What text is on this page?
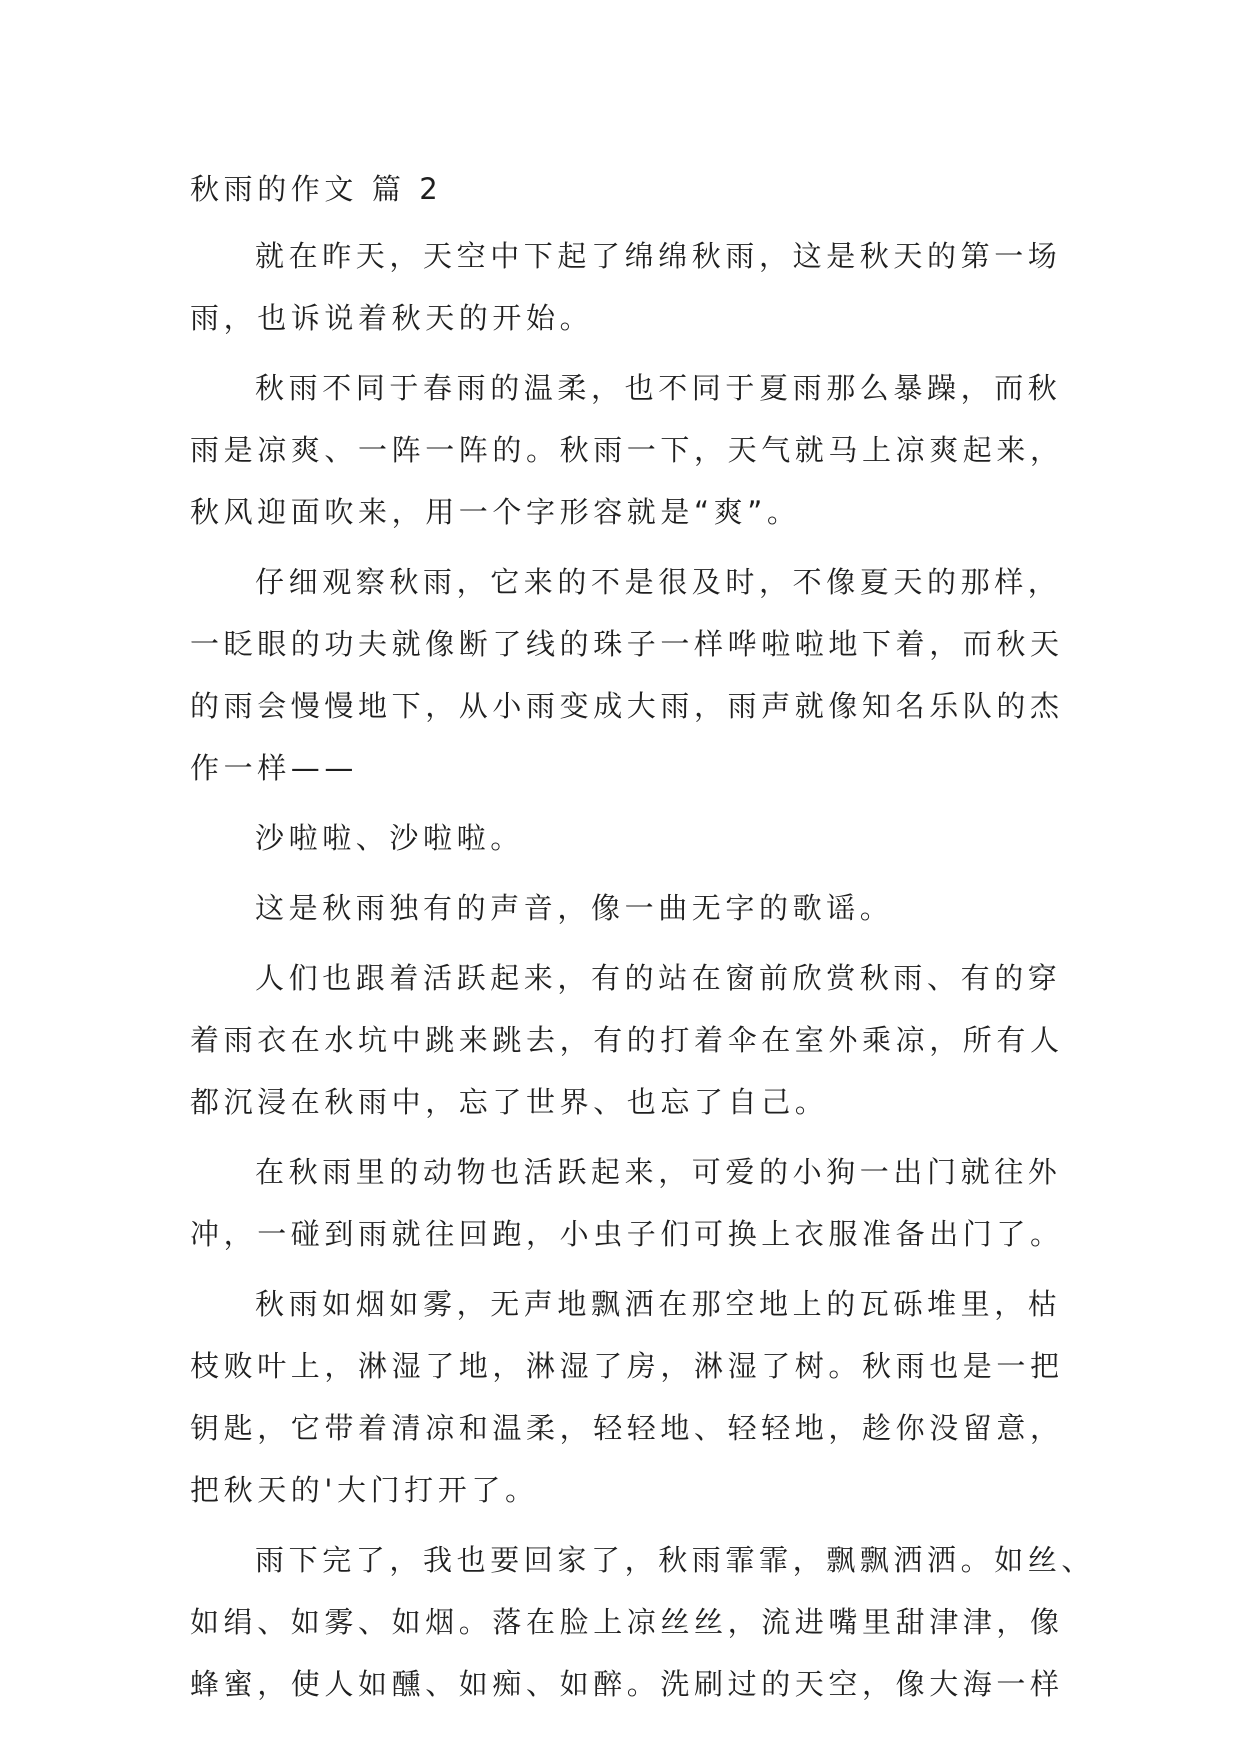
秋雨的作文 篇 2
就在昨天，天空中下起了绵绵秋雨，这是秋天的第一场
雨，也诉说着秋天的开始。
秋雨不同于春雨的温柔，也不同于夏雨那么暴躁，而秋
雨是凉爽、一阵一阵的。秋雨一下，天气就马上凉爽起来，
秋风迎面吹来，用一个字形容就是“爽”。
仔细观察秋雨，它来的不是很及时，不像夏天的那样，
一眨眼的功夫就像断了线的珠子一样哗啦啦地下着，而秋天
的雨会慢慢地下，从小雨变成大雨，雨声就像知名乐队的杰
作一样——
沙啦啦、沙啦啦。
这是秋雨独有的声音，像一曲无字的歌谣。
人们也跟着活跃起来，有的站在窗前欣赏秋雨、有的穿
着雨衣在水坑中跳来跳去，有的打着伞在室外乘凉，所有人
都沉浸在秋雨中，忘了世界、也忘了自己。
在秋雨里的动物也活跃起来，可爱的小狗一出门就往外
冲，一碰到雨就往回跑，小虫子们可换上衣服准备出门了。
秋雨如烟如雾，无声地飘洒在那空地上的瓦砾堆里，枯
枝败叶上，淋湿了地，淋湿了房，淋湿了树。秋雨也是一把
钥匙，它带着清凉和温柔，轻轻地、轻轻地，趁你没留意，
把秋天的'大门打开了。
雨下完了，我也要回家了，秋雨霏霏，飘飘洒洒。如丝、
如绢、如雾、如烟。落在脸上凉丝丝，流进嘴里甜津津，像
蜂蜜，使人如醺、如痴、如醉。洗刷过的天空，像大海一样
